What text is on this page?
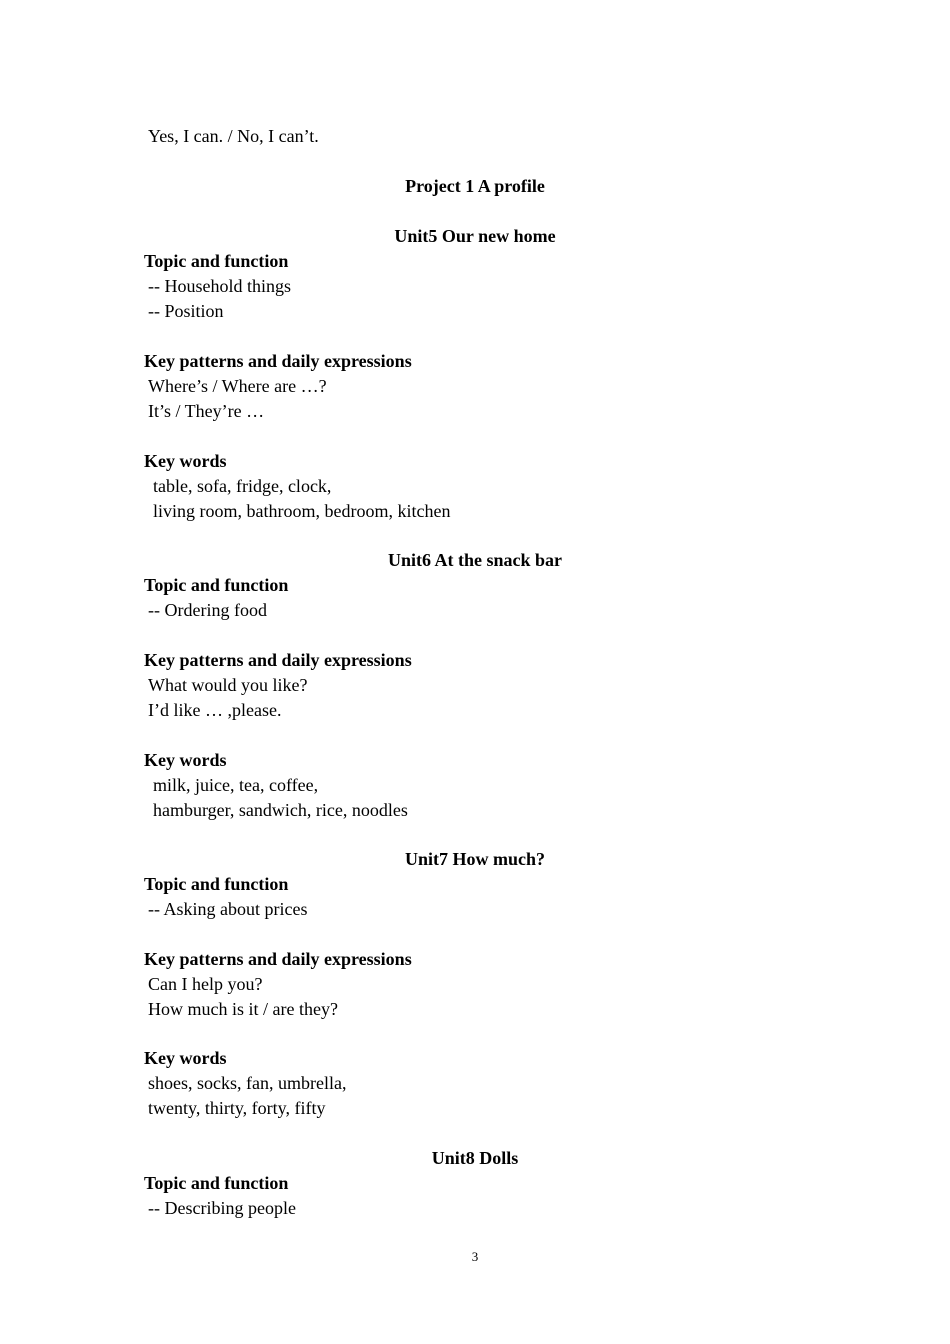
Yes, I can. / No, I can’t.

Project 1 A profile

Unit5 Our new home

Topic and function

-- Household things

-- Position

Key patterns and daily expressions

Where’s / Where are …?

It’s / They’re …

Key words

table, sofa, fridge, clock,

living room, bathroom, bedroom, kitchen

Unit6 At the snack bar

Topic and function

-- Ordering food

Key patterns and daily expressions

What would you like?

I’d like … ,please.

Key words

milk, juice, tea, coffee,

hamburger, sandwich, rice, noodles

Unit7 How much?

Topic and function

-- Asking about prices

Key patterns and daily expressions

Can I help you?

How much is it / are they?

Key words

shoes, socks, fan, umbrella,

twenty, thirty, forty, fifty

Unit8 Dolls

Topic and function

-- Describing people

3
